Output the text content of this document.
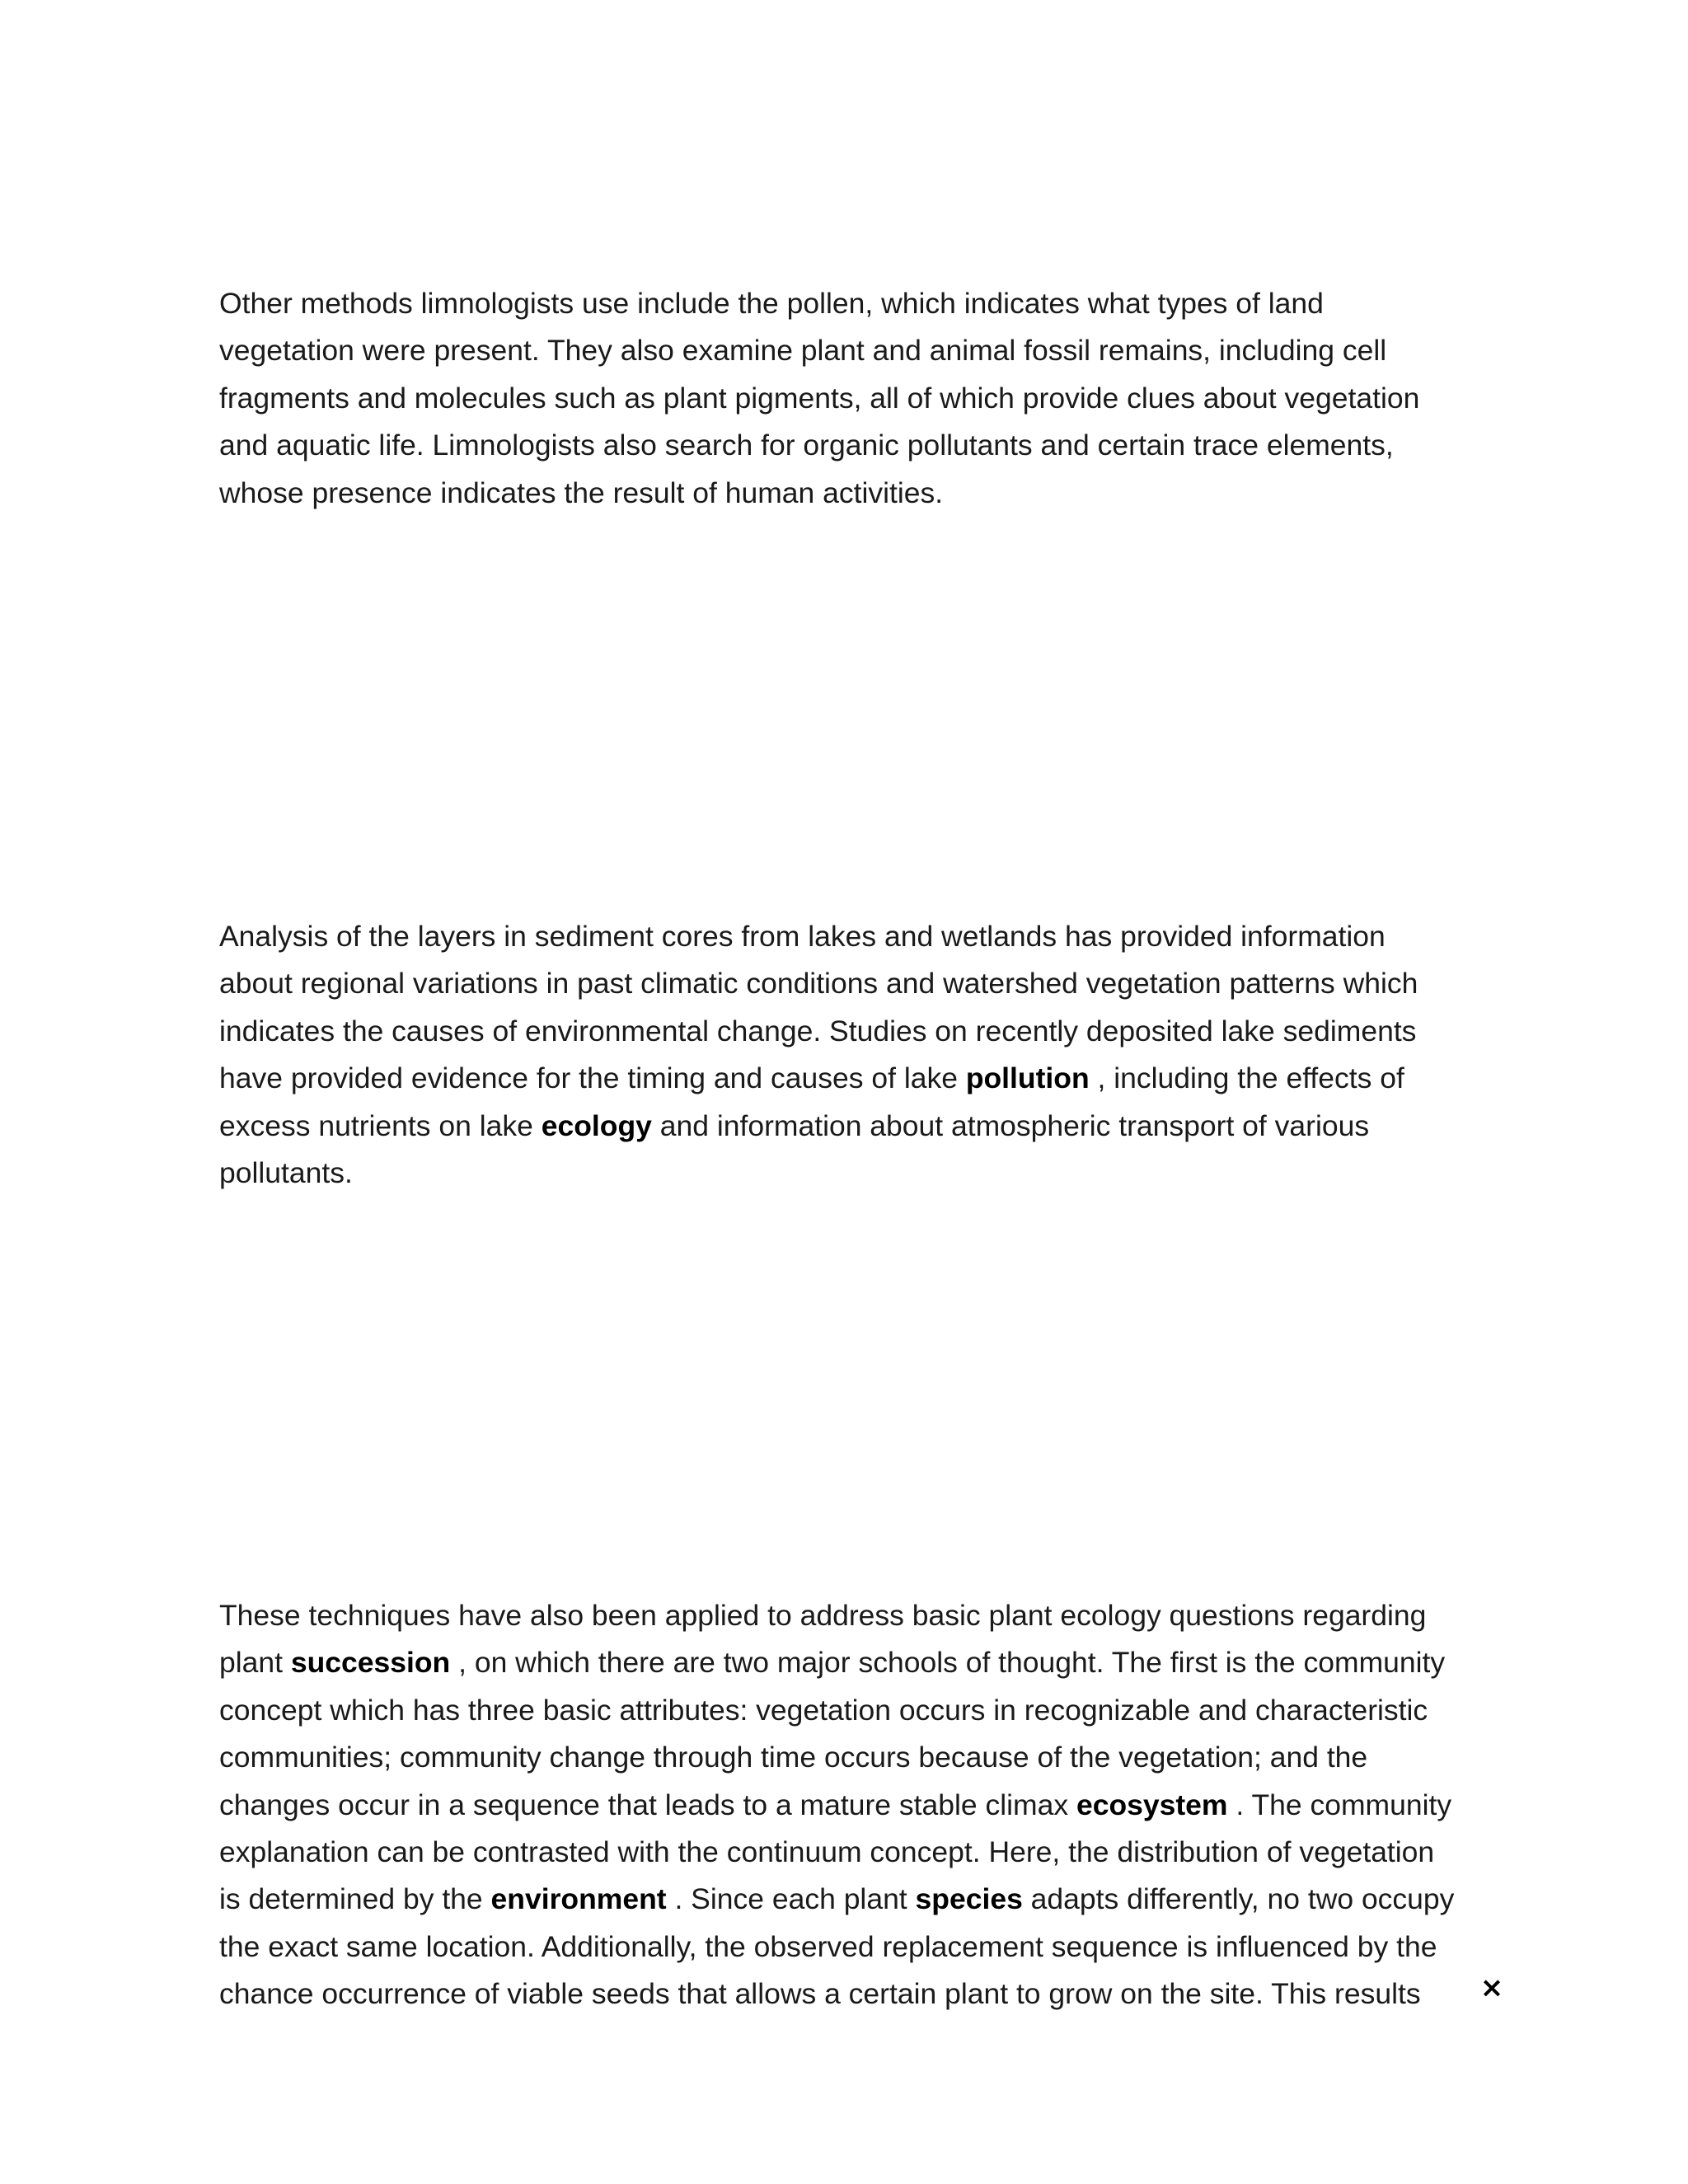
Other methods limnologists use include the pollen, which indicates what types of land
vegetation were present. They also examine plant and animal fossil remains, including cell
fragments and molecules such as plant pigments, all of which provide clues about vegetation
and aquatic life. Limnologists also search for organic pollutants and certain trace elements,
whose presence indicates the result of human activities.

Analysis of the layers in sediment cores from lakes and wetlands has provided information
about regional variations in past climatic conditions and watershed vegetation patterns which
indicates the causes of environmental change. Studies on recently deposited lake sediments
have provided evidence for the timing and causes of lake pollution , including the effects of
excess nutrients on lake ecology and information about atmospheric transport of various
pollutants.

These techniques have also been applied to address basic plant ecology questions regarding
plant succession , on which there are two major schools of thought. The first is the community
concept which has three basic attributes: vegetation occurs in recognizable and characteristic
communities; community change through time occurs because of the vegetation; and the
changes occur in a sequence that leads to a mature stable climax ecosystem . The community
explanation can be contrasted with the continuum concept. Here, the distribution of vegetation
is determined by the environment . Since each plant species adapts differently, no two occupy
the exact same location. Additionally, the observed replacement sequence is influenced by the
chance occurrence of viable seeds that allows a certain plant to grow on the site. This results	×
